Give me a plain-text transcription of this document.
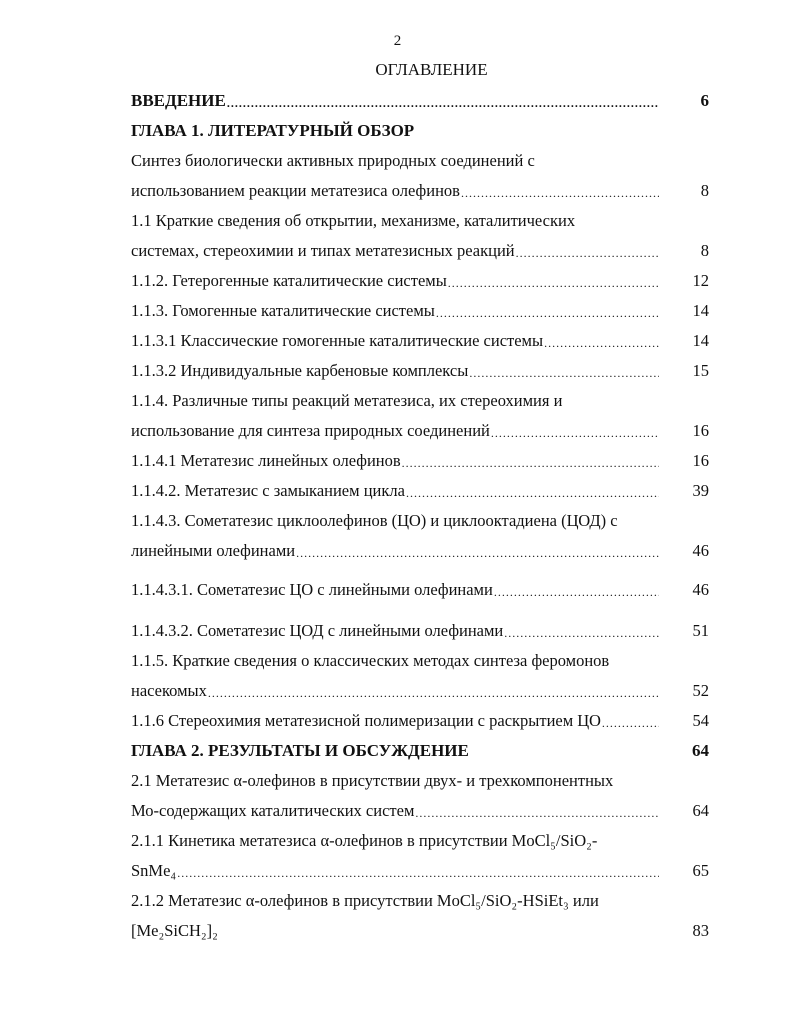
2
ОГЛАВЛЕНИЕ
ВВЕДЕНИЕ .....	6
ГЛАВА 1. ЛИТЕРАТУРНЫЙ ОБЗОР
Синтез биологически активных природных соединений с
использованием реакции метатезиса олефинов .....	8
1.1 Краткие сведения об открытии, механизме, каталитических
системах, стереохимии и типах метатезисных реакций .....	8
1.1.2. Гетерогенные каталитические системы .....	12
1.1.3. Гомогенные каталитические системы .....	14
1.1.3.1 Классические гомогенные каталитические системы .....	14
1.1.3.2 Индивидуальные карбеновые комплексы .....	15
1.1.4. Различные типы реакций метатезиса, их стереохимия и
использование для синтеза природных соединений .....	16
1.1.4.1 Метатезис линейных олефинов .....	16
1.1.4.2. Метатезис с замыканием цикла .....	39
1.1.4.3. Сометатезис циклоолефинов (ЦО) и циклооктадиена (ЦОД) с
линейными олефинами .....	46
1.1.4.3.1. Сометатезис ЦО с линейными олефинами .....	46
1.1.4.3.2. Сометатезис ЦОД с линейными олефинами .....	51
1.1.5. Краткие сведения о классических методах синтеза феромонов
насекомых .....	52
1.1.6 Стереохимия метатезисной полимеризации с раскрытием ЦО .....	54
ГЛАВА 2. РЕЗУЛЬТАТЫ И ОБСУЖДЕНИЕ	64
2.1 Метатезис α-олефинов в присутствии двух- и трехкомпонентных
Мо-содержащих каталитических систем .....	64
2.1.1 Кинетика метатезиса α-олефинов в присутствии MoCl₅/SiO₂-
SnMe₄ .....	65
2.1.2 Метатезис α-олефинов в присутствии MoCl₅/SiO₂-HSiEt₃ или
[Me₂SiCH₂]₂	83
